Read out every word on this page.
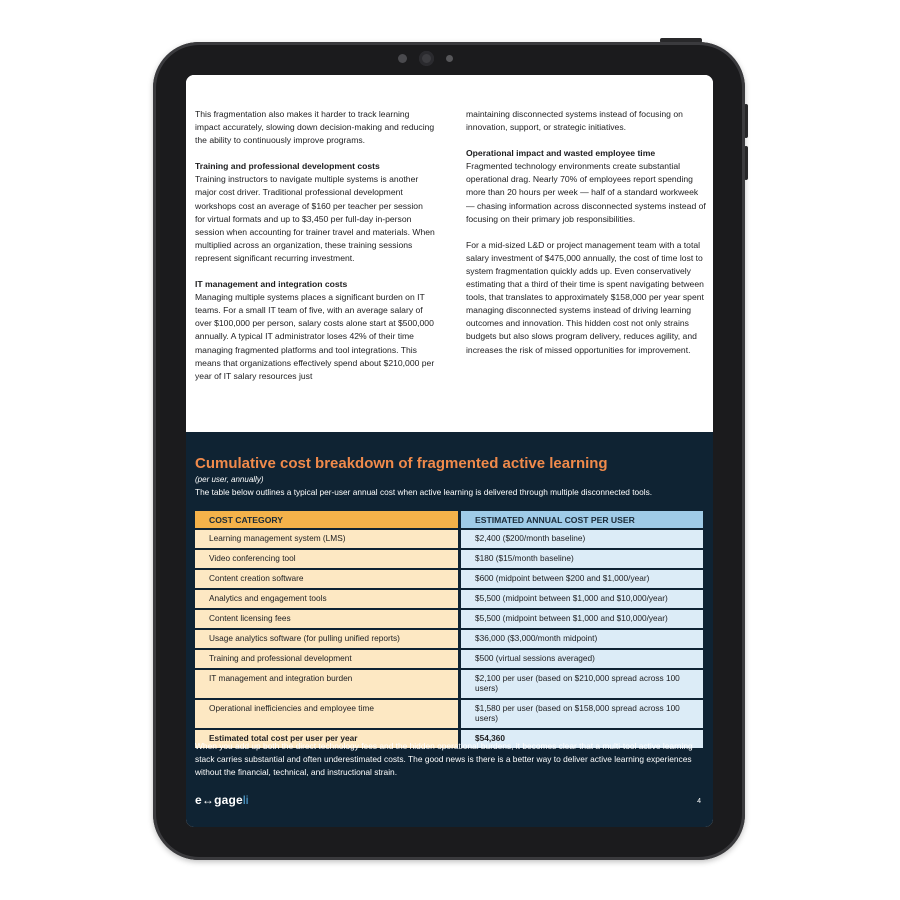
This fragmentation also makes it harder to track learning impact accurately, slowing down decision-making and reducing the ability to continuously improve programs.

Training and professional development costs
Training instructors to navigate multiple systems is another major cost driver. Traditional professional development workshops cost an average of $160 per teacher per session for virtual formats and up to $3,450 per full-day in-person session when accounting for trainer travel and materials. When multiplied across an organization, these training sessions represent significant recurring investment.

IT management and integration costs
Managing multiple systems places a significant burden on IT teams. For a small IT team of five, with an average salary of over $100,000 per person, salary costs alone start at $500,000 annually. A typical IT administrator loses 42% of their time managing fragmented platforms and tool integrations. This means that organizations effectively spend about $210,000 per year of IT salary resources just

maintaining disconnected systems instead of focusing on innovation, support, or strategic initiatives.

Operational impact and wasted employee time
Fragmented technology environments create substantial operational drag. Nearly 70% of employees report spending more than 20 hours per week — half of a standard workweek — chasing information across disconnected systems instead of focusing on their primary job responsibilities.

For a mid-sized L&D or project management team with a total salary investment of $475,000 annually, the cost of time lost to system fragmentation quickly adds up. Even conservatively estimating that a third of their time is spent navigating between tools, that translates to approximately $158,000 per year spent managing disconnected systems instead of driving learning outcomes and innovation. This hidden cost not only strains budgets but also slows program delivery, reduces agility, and increases the risk of missed opportunities for improvement.

Cumulative cost breakdown of fragmented active learning
(per user, annually)
The table below outlines a typical per-user annual cost when active learning is delivered through multiple disconnected tools.
COST CATEGORY	ESTIMATED ANNUAL COST PER USER
Learning management system (LMS)	$2,400 ($200/month baseline)
Video conferencing tool	$180 ($15/month baseline)
Content creation software	$600 (midpoint between $200 and $1,000/year)
Analytics and engagement tools	$5,500 (midpoint between $1,000 and $10,000/year)
Content licensing fees	$5,500 (midpoint between $1,000 and $10,000/year)
Usage analytics software (for pulling unified reports)	$36,000 ($3,000/month midpoint)
Training and professional development	$500 (virtual sessions averaged)
IT management and integration burden	$2,100 per user (based on $210,000 spread across 100 users)
Operational inefficiencies and employee time	$1,580 per user (based on $158,000 spread across 100 users)
Estimated total cost per user per year	$54,360
When you add up both the direct technology fees and the hidden operational burdens, it becomes clear that a multi-tool active learning stack carries substantial and often underestimated costs. The good news is there is a better way to deliver active learning experiences without the financial, technical, and instructional strain.
e↔gageli	4
